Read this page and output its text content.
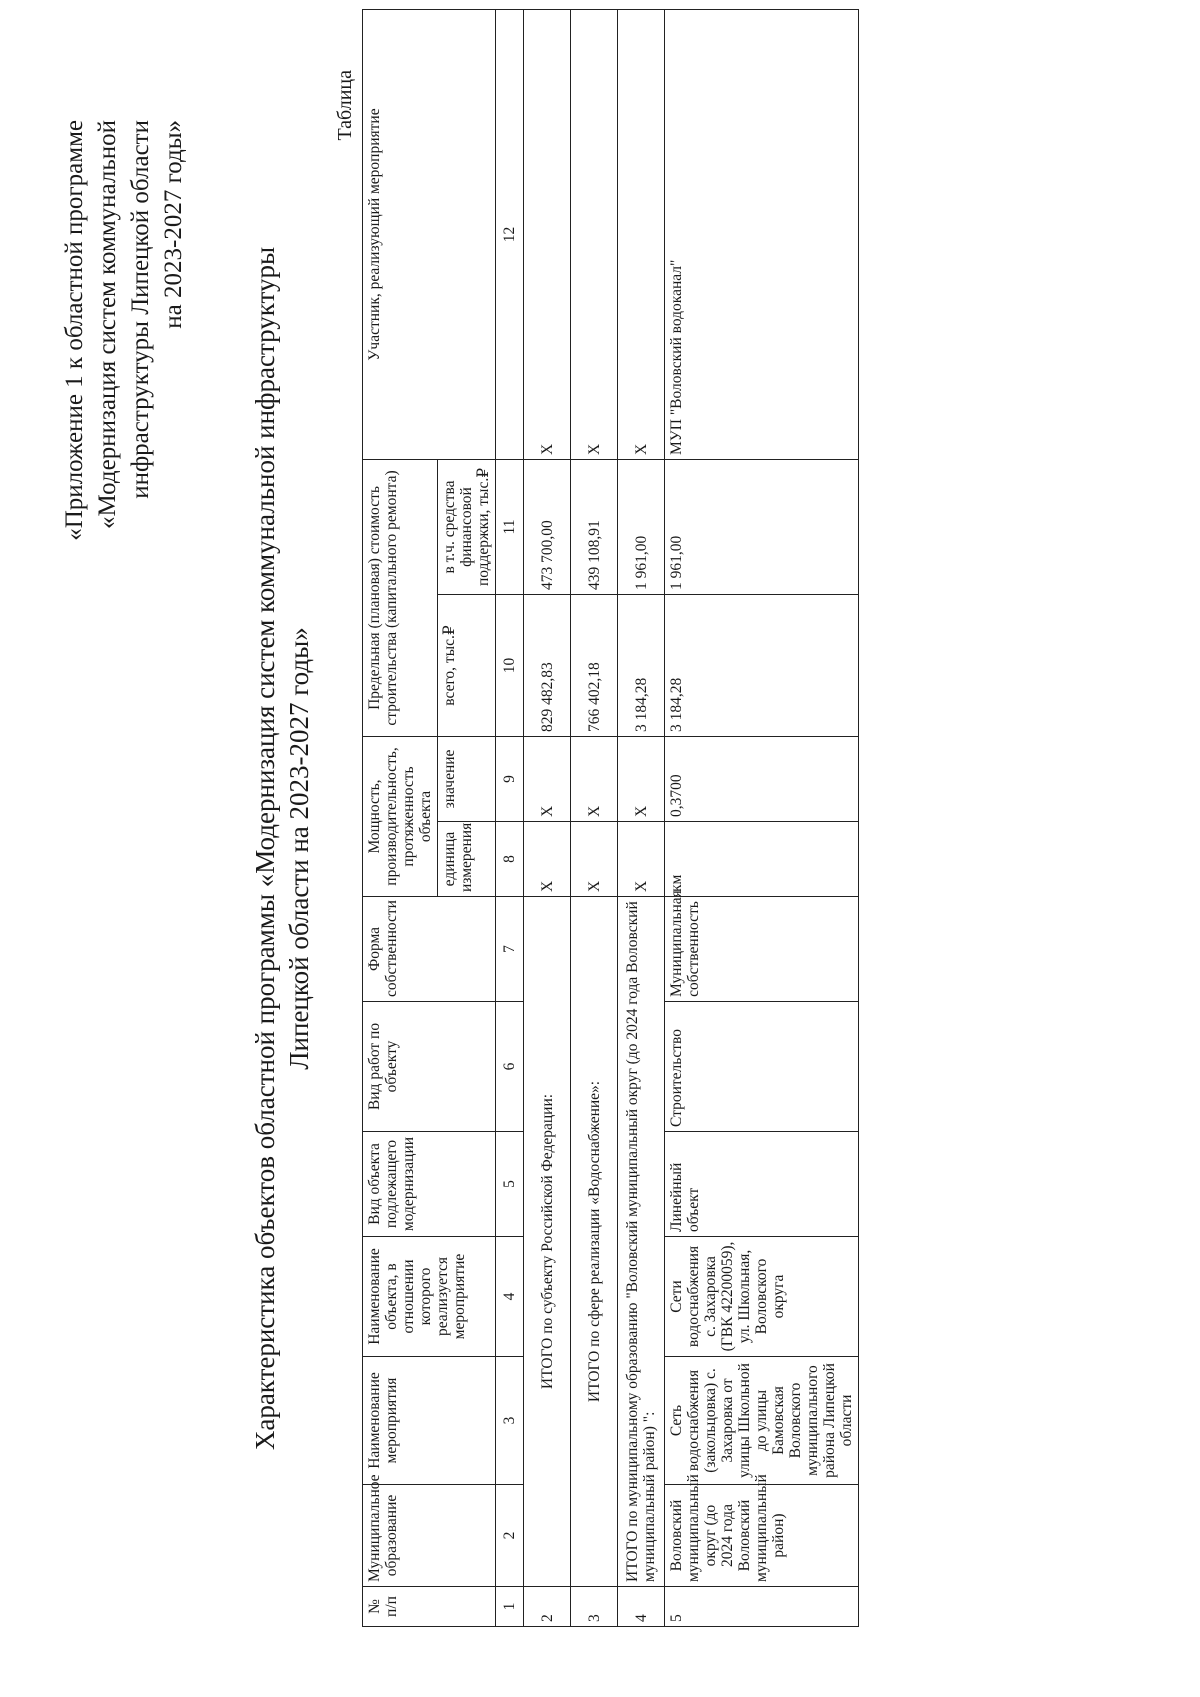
«Приложение 1 к областной программе «Модернизация систем коммунальной инфраструктуры Липецкой области на 2023-2027 годы»
Характеристика объектов областной программы «Модернизация систем коммунальной инфраструктуры Липецкой области на 2023-2027 годы»
Таблица
№ п/п	Муниципальное образование	Наименование мероприятия	Наименование объекта, в отношении которого реализуется мероприятие	Вид объекта подлежащего модернизации	Вид работ по объекту	Форма собственности	Мощность, производительность, протяженность объекта		Предельная (плановая) стоимость строительства (капитального ремонта)		Участник, реализующий мероприятие
							единица измерения	значение	всего, тыс.₽	в т.ч. средства финансовой поддержки, тыс.₽	
1	2	3	4	5	6	7	8	9	10	11	12
2	ИТОГО по субъекту Российской Федерации:						X	X	829 482,83	473 700,00	X
3	ИТОГО по сфере реализации «Водоснабжение»:						X	X	766 402,18	439 108,91	X
4	ИТОГО по муниципальному образованию "Воловский муниципальный округ (до 2024 года Воловский муниципальный район) ":						X	X	3 184,28	1 961,00	X
5	Воловский муниципальный округ (до 2024 года Воловский муниципальный район)	Сеть водоснабжения (закольцовка) с. Захаровка от улицы Школьной до улицы Бамовская Воловского муниципального района Липецкой области	Сети водоснабжения с. Захаровка (ГВК 42200059), ул. Школьная, Воловского округа	Линейный объект	Строительство	Муниципальная собственность	км	0,3700	3 184,28	1 961,00	МУП "Воловский водоканал"
